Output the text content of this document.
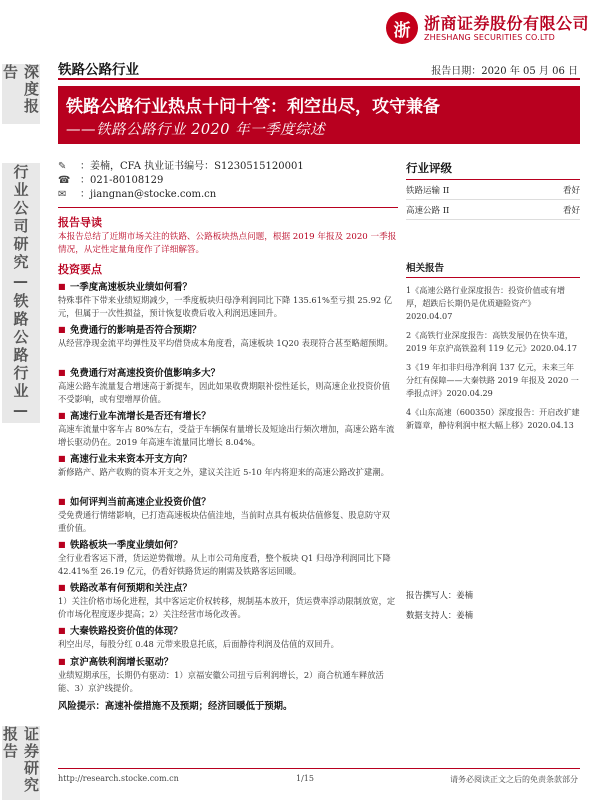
深度报告
行业公司研究—铁路公路行业—
证券研究报告
浙 浙商证券股份有限公司
ZHESHANG SECURITIES CO.LTD
铁路公路行业	报告日期：2020 年 05 月 06 日
铁路公路行业热点十问十答：利空出尽，攻守兼备
——铁路公路行业 2020 年一季度综述
✎	： 姜楠，CFA 执业证书编号：S1230515120001
☎ ： 021-80108129
✉	： jiangnan@stocke.com.cn
报告导读
本报告总结了近期市场关注的铁路、公路板块热点问题，根据 2019 年报及 2020 一季报情况，从定性定量角度作了详细解答。
投资要点
■ 一季度高速板块业绩如何看？
特殊事件下带来业绩短期减少，一季度板块归母净利润同比下降 135.61%至亏损 25.92 亿元，但属于一次性损益，预计恢复收费后收入利润迅速回升。
■ 免费通行的影响是否符合预期？
从经营净现金流平均弹性及平均借贷成本角度看，高速板块 1Q20 表现符合甚至略超预期。
■ 免费通行对高速投资价值影响多大？
高速公路车流量复合增速高于新提车，因此如果收费期限补偿性延长，则高速企业投资价值不受影响，或有望增厚价值。
■ 高速行业车流增长是否还有增长？
高速车流量中客车占 80%左右，受益于车辆保有量增长及短途出行频次增加，高速公路车流增长驱动仍在。2019 年高速车流量同比增长 8.04%。
■ 高速行业未来资本开支方向？
新修路产、路产收购的资本开支之外，建议关注近 5-10 年内将迎来的高速公路改扩建潮。
■ 如何评判当前高速企业投资价值？
受免费通行情绪影响，已打造高速板块估值洼地，当前时点具有板块估值修复、股息防守双重价值。
■ 铁路板块一季度业绩如何？
全行业看客运下滑，货运逆势微增。从上市公司角度看，整个板块 Q1 归母净利润同比下降 42.41%至 26.19 亿元，仍看好铁路货运的刚需及铁路客运回暖。
■ 铁路改革有何预期和关注点？
1）关注价格市场化进程，其中客运定价权转移，规制基本放开，货运费率浮动限制放宽，定价市场化程度逐步提高；2）关注经营市场化改善。
■ 大秦铁路投资价值的体现？
利空出尽，每股分红 0.48 元带来股息托底，后面静待利润及估值的双回升。
■ 京沪高铁利润增长驱动？
业绩短期承压，长期仍有驱动：1）京福安徽公司扭亏后利润增长，2）商合杭通车释放活能、3）京沪线提价。
风险提示： 高速补偿措施不及预期；经济回暖低于预期。
行业评级
铁路运输 II	看好
高速公路 II	看好
相关报告
1《高速公路行业深度报告：投资价值或有增厚，超跌后长期仍是优质避险资产》2020.04.07
2《高铁行业深度报告：高铁发展仍在快车道，2019 年京沪高铁盈利 119 亿元》2020.04.17
3《19 年扣非归母净利润 137 亿元，未来三年分红有保障——大秦铁路 2019 年报及 2020 一季报点评》2020.04.29
4《山东高速（600350）深度报告：开启改扩建新篇章，静待利润中枢大幅上移》2020.04.13
报告撰写人：姜楠
数据支持人：姜楠
http://research.stocke.com.cn	1/15	请务必阅读正文之后的免责条款部分
